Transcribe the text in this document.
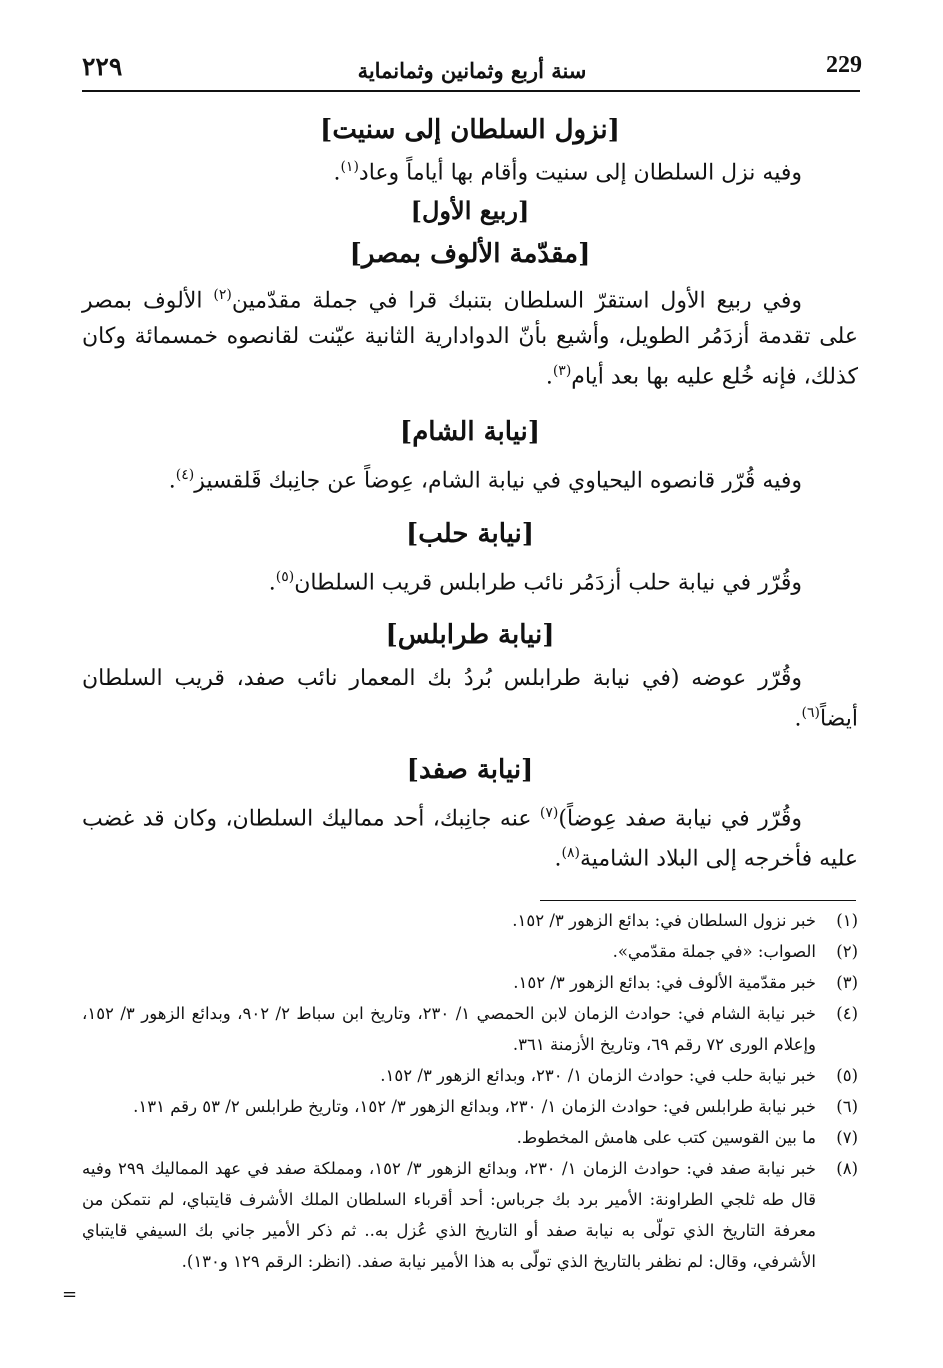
٢٢٩	سنة أربع وثمانين وثمانماية	229
[نزول السلطان إلى سنيت]

وفيه نزل السلطان إلى سنيت وأقام بها أياماً وعاد$^{(١)}$.

[ربيع الأول]
[مقدّمة الألوف بمصر]

وفي ربيع الأول استقرّ السلطان بتنبك قرا في جملة مقدّمين$^{(٢)}$ الألوف بمصر على تقدمة أزدَمُر الطويل، وأشيع بأنّ الدوادارية الثانية عيّنت لقانصوه خمسمائة وكان كذلك، فإنه خُلع عليه بها بعد أيام$^{(٣)}$.

[نيابة الشام]

وفيه قُرّر قانصوه اليحياوي في نيابة الشام، عِوضاً عن جانِبك قَلقسيز$^{(٤)}$.

[نيابة حلب]

وقُرّر في نيابة حلب أزدَمُر نائب طرابلس قريب السلطان$^{(٥)}$.

[نيابة طرابلس]

وقُرّر عوضه (في نيابة طرابلس بُردُ بك المعمار نائب صفد، قريب السلطان أيضاً$^{(٦)}$.

[نيابة صفد]

وقُرّر في نيابة صفد عِوضاً)$^{(٧)}$ عنه جانِبك، أحد مماليك السلطان، وكان قد غضب عليه فأخرجه إلى البلاد الشامية$^{(٨)}$.

(١)
خبر نزول السلطان في: بدائع الزهور ٣/ ١٥٢.

(٢)
الصواب: «في جملة مقدّمي».

(٣)
خبر مقدّمية الألوف في: بدائع الزهور ٣/ ١٥٢.

(٤)
خبر نيابة الشام في: حوادث الزمان لابن الحمصي ١/ ٢٣٠، وتاريخ ابن سباط ٢/ ٩٠٢، وبدائع الزهور ٣/ ١٥٢، وإعلام الورى ٧٢ رقم ٦٩، وتاريخ الأزمنة ٣٦١.

(٥)
خبر نيابة حلب في: حوادث الزمان ١/ ٢٣٠، وبدائع الزهور ٣/ ١٥٢.

(٦)
خبر نيابة طرابلس في: حوادث الزمان ١/ ٢٣٠، وبدائع الزهور ٣/ ١٥٢، وتاريخ طرابلس ٢/ ٥٣ رقم ١٣١.

(٧)
ما بين القوسين كتب على هامش المخطوط.

(٨)
خبر نيابة صفد في: حوادث الزمان ١/ ٢٣٠، وبدائع الزهور ٣/ ١٥٢، ومملكة صفد في عهد المماليك ٢٩٩ وفيه قال طه ثلجي الطراونة: الأمير برد بك جرباس: أحد أقرباء السلطان الملك الأشرف قايتباي، لم نتمكن من معرفة التاريخ الذي تولّى به نيابة صفد أو التاريخ الذي عُزل به.. ثم ذكر الأمير جاني بك السيفي قايتباي الأشرفي، وقال: لم نظفر بالتاريخ الذي تولّى به هذا الأمير نيابة صفد. (انظر: الرقم ١٢٩ و١٣٠).

=
